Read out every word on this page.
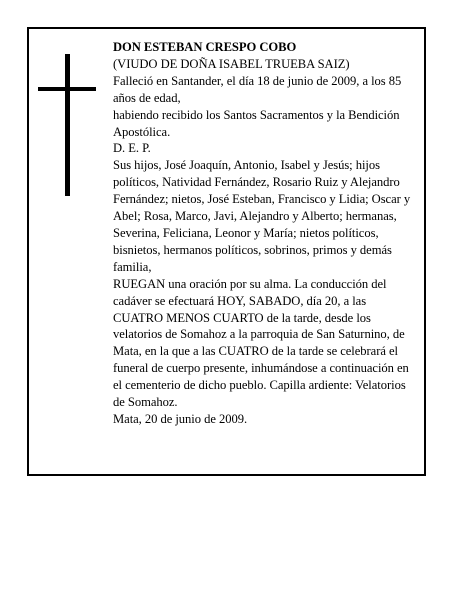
DON ESTEBAN CRESPO COBO

(VIUDO DE DOÑA ISABEL TRUEBA SAIZ)

Falleció en Santander, el día 18 de junio de 2009, a los 85 años de edad,

habiendo recibido los Santos Sacramentos y la Bendición Apostólica.

D. E. P.

Sus hijos, José Joaquín, Antonio, Isabel y Jesús; hijos políticos, Natividad Fernández, Rosario Ruiz y Alejandro Fernández; nietos, José Esteban, Francisco y Lidia; Oscar y Abel; Rosa, Marco, Javi, Alejandro y Alberto; hermanas, Severina, Feliciana, Leonor y María; nietos políticos, bisnietos, hermanos políticos, sobrinos, primos y demás familia,

RUEGAN una oración por su alma. La conducción del cadáver se efectuará HOY, SABADO, día 20, a las CUATRO MENOS CUARTO de la tarde, desde los velatorios de Somahoz a la parroquia de San Saturnino, de Mata, en la que a las CUATRO de la tarde se celebrará el funeral de cuerpo presente, inhumándose a continuación en el cementerio de dicho pueblo. Capilla ardiente: Velatorios de Somahoz.

Mata, 20 de junio de 2009.
